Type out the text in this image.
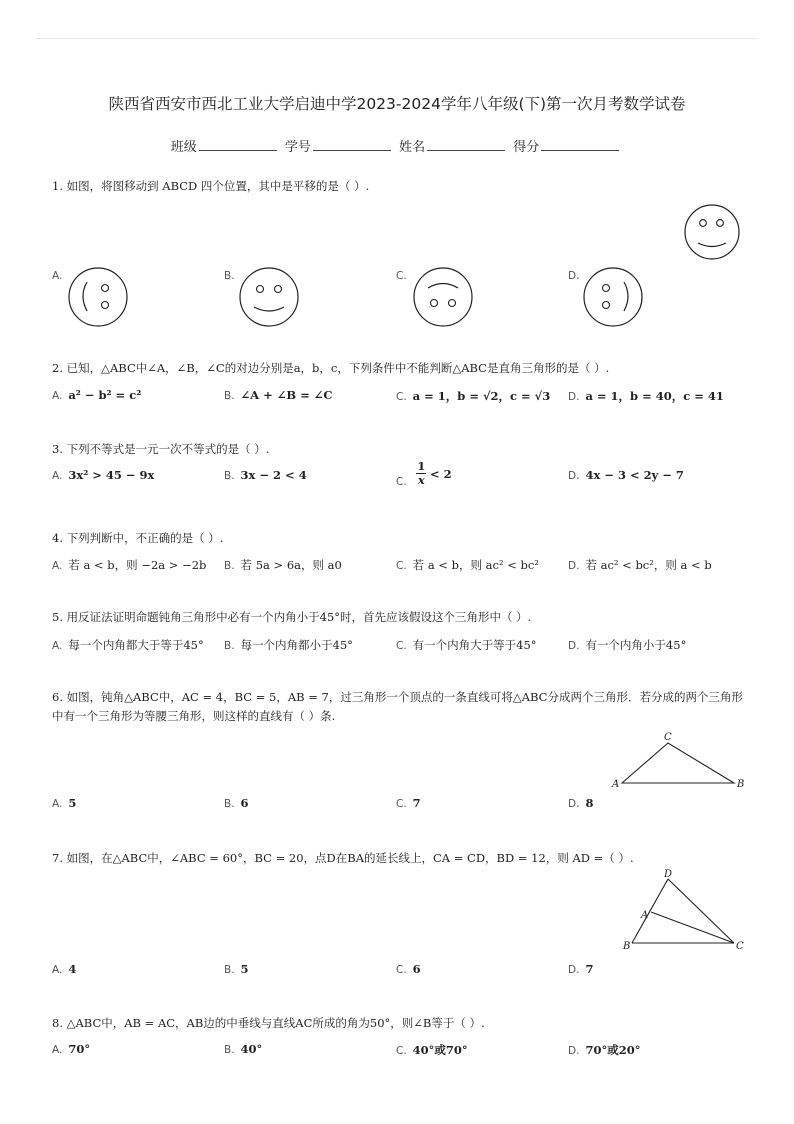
陕西省西安市西北工业大学启迪中学2023-2024学年八年级(下)第一次月考数学试卷
班级	学号	姓名	得分
1. 如图，将图移动到 ABCD 四个位置，其中是平移的是（ ）.
A.	B.	C.	D.
2. 已知，△ABC中∠A，∠B，∠C的对边分别是a，b，c，下列条件中不能判断△ABC是直角三角形的是（ ）.
A. a² − b² = c²	B. ∠A + ∠B = ∠C	C. a = 1，b = √2，c = √3 D. a = 1，b = 40，c = 41
3. 下列不等式是一元一次不等式的是（ ）.
A. 3x² > 45 − 9x	B. 3x − 2 < 4	C. $\frac{1}{x} < 2$	D. 4x − 3 < 2y − 7
4. 下列判断中，不正确的是（ ）.
A. 若 a < b，则 −2a > −2b B. 若 5a > 6a，则 a0	C. 若 a < b，则 ac² < bc²	D. 若 ac² < bc²，则 a < b
5. 用反证法证明命题钝角三角形中必有一个内角小于45°时，首先应该假设这个三角形中（ ）.
A. 每一个内角都大于等于45° B. 每一个内角都小于45°	C. 有一个内角大于等于45°	D. 有一个内角小于45°
6. 如图，钝角△ABC中，AC = 4，BC = 5，AB = 7，过三角形一个顶点的一条直线可将△ABC分成两个三角形．若分成的两个三角形中有一个三角形为等腰三角形，则这样的直线有（ ）条.
A	B
C
A. 5	B. 6	C. 7	D. 8
7. 如图，在△ABC中，∠ABC = 60°，BC = 20，点D在BA的延长线上，CA = CD，BD = 12，则 AD =（ ）.
D
A
B	C
A. 4	B. 5	C. 6	D. 7
8. △ABC中，AB = AC，AB边的中垂线与直线AC所成的角为50°，则∠B等于（ ）.
A. 70°	B. 40°	C. 40°或70°	D. 70°或20°
